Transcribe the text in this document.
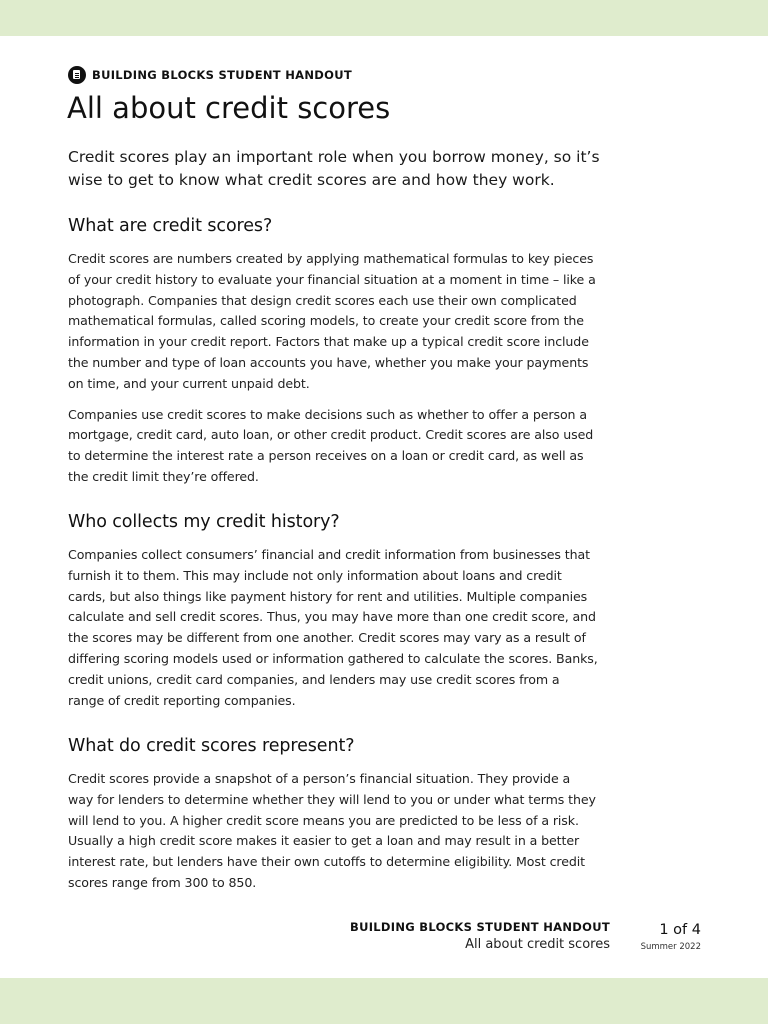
BUILDING BLOCKS STUDENT HANDOUT
All about credit scores

Credit scores play an important role when you borrow money, so it’s wise to get to know what credit scores are and how they work.

What are credit scores?

Credit scores are numbers created by applying mathematical formulas to key pieces of your credit history to evaluate your financial situation at a moment in time – like a photograph. Companies that design credit scores each use their own complicated mathematical formulas, called scoring models, to create your credit score from the information in your credit report. Factors that make up a typical credit score include the number and type of loan accounts you have, whether you make your payments on time, and your current unpaid debt.

Companies use credit scores to make decisions such as whether to offer a person a mortgage, credit card, auto loan, or other credit product. Credit scores are also used to determine the interest rate a person receives on a loan or credit card, as well as the credit limit they’re offered.

Who collects my credit history?

Companies collect consumers’ financial and credit information from businesses that furnish it to them. This may include not only information about loans and credit cards, but also things like payment history for rent and utilities. Multiple companies calculate and sell credit scores. Thus, you may have more than one credit score, and the scores may be different from one another. Credit scores may vary as a result of differing scoring models used or information gathered to calculate the scores. Banks, credit unions, credit card companies, and lenders may use credit scores from a range of credit reporting companies.

What do credit scores represent?

Credit scores provide a snapshot of a person’s financial situation. They provide a way for lenders to determine whether they will lend to you or under what terms they will lend to you. A higher credit score means you are predicted to be less of a risk. Usually a high credit score makes it easier to get a loan and may result in a better interest rate, but lenders have their own cutoffs to determine eligibility. Most credit scores range from 300 to 850.

BUILDING BLOCKS STUDENT HANDOUT
All about credit scores
1 of 4
Summer 2022
